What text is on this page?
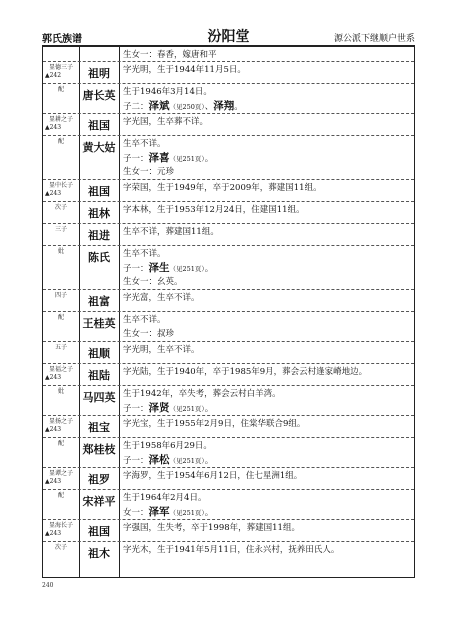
郭氏族谱	汾阳堂	源公派下继顺户世系
生女一：春香，嫁唐和平
显德三子
▲242	祖明	字光明，生于1944年11月5日。
配	唐长英 生于1946年3月14日。
子二：泽斌（见250页）、泽翔。
显耕之子
▲243	祖国	字光国，生卒葬不详。
配	黄大姑 生卒不详。
子一：泽喜（见251页）。
生女一：元珍
显中长子
▲243	祖国	字荣国，生于1949年，卒于2009年，葬建国11组。
次子	祖林	字本林，生于1953年12月24日，住建国11组。
三子	祖进	生卒不详，葬建国11组。
妣	陈氏	生卒不详。
子一：泽生（见251页）。
生女一：幺英。
四子	祖富	字光富，生卒不详。
配	王桂英 生卒不详。
生女一：叔珍
五子	祖顺	字光明，生卒不详。
显福之子
▲243	祖陆	字光陆，生于1940年，卒于1985年9月，葬会云村逢家嵴地边。
妣	马四英 生于1942年，卒失考，葬会云村白羊湾。
子一：泽贤（见251页）。
显扬之子
▲243	祖宝	字光宝，生于1955年2月9日，住棠华联合9组。
配	郑桂枝 生于1958年6月29日。
子一：泽松（见251页）。
显谭之子
▲243	祖罗	字海罗，生于1954年6月12日，住七星洲1组。
配	宋祥平 生于1964年2月4日。
女一：泽军（见251页）。
显海长子
▲243	祖国	字强国，生失考，卒于1998年，葬建国11组。
次子	祖木	字光木，生于1941年5月11日，住永兴村，抚养田氏人。
240
